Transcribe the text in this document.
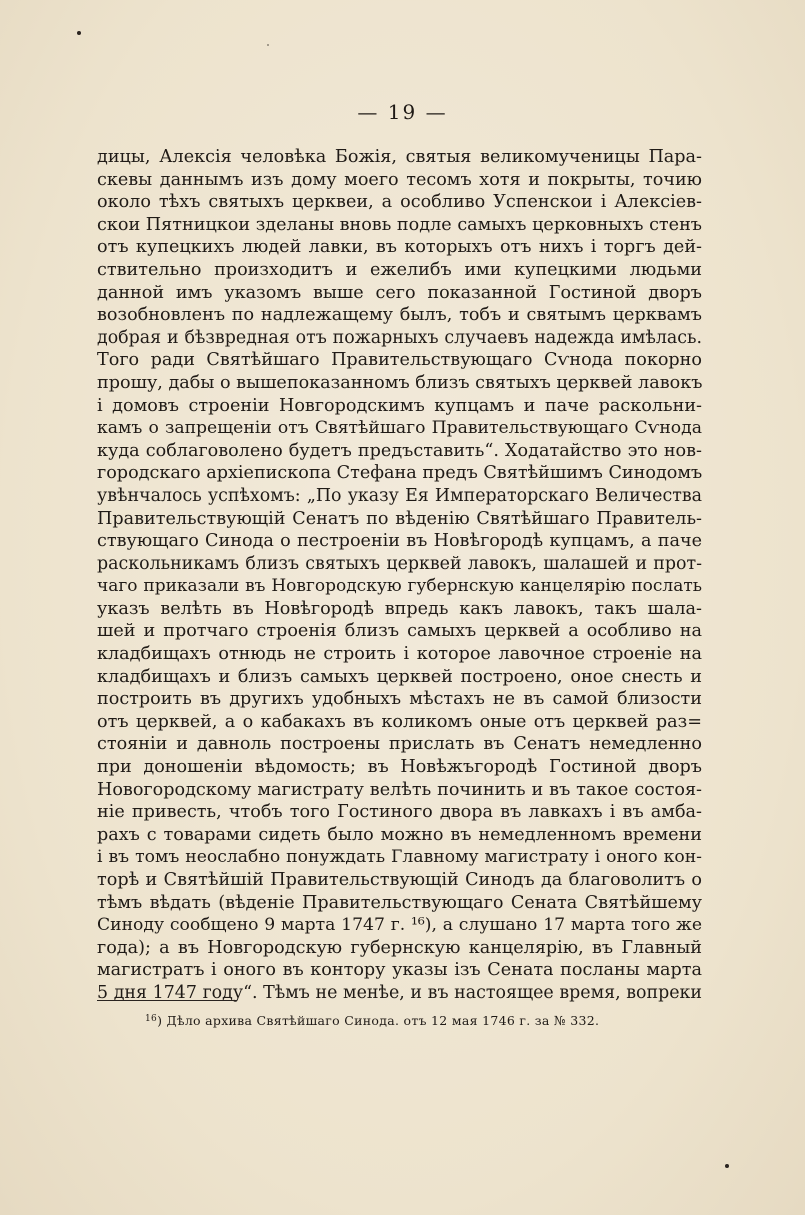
— 19 —
дицы, Алексія человѣка Божія, святыя великомученицы Пара-
скевы даннымъ изъ дому моего тесомъ хотя и покрыты, точию
около тѣхъ святыхъ церквеи, а особливо Успенскои і Алексіев-
скои Пятницкои зделаны вновь подле самыхъ церковныхъ стенъ
отъ купецкихъ людей лавки, въ которыхъ отъ нихъ і торгъ дей-
ствительно произходитъ и ежелибъ ими купецкими людьми
данной имъ указомъ выше сего показанной Гостиной дворъ
возобновленъ по надлежащему былъ, тобъ и святымъ церквамъ
добрая и бѣзвредная отъ пожарныхъ случаевъ надежда имѣлась.
Того ради Святѣйшаго Правительствующаго Сѵнода покорно
прошу, дабы о вышепоказанномъ близъ святыхъ церквей лавокъ
і домовъ строеніи Новгородскимъ купцамъ и паче раскольни-
камъ о запрещеніи отъ Святѣйшаго Правительствующаго Сѵнода
куда соблаговолено будетъ предъставить“. Ходатайство это нов-
городскаго архіепископа Стефана предъ Святѣйшимъ Синодомъ
увѣнчалось успѣхомъ: „По указу Ея Императорскаго Величества
Правительствующій Сенатъ по вѣденію Святѣйшаго Правитель-
ствующаго Синода о пестроеніи въ Новѣгородѣ купцамъ, а паче
раскольникамъ близъ святыхъ церквей лавокъ, шалашей и прот-
чаго приказали въ Новгородскую губернскую канцелярію послать
указъ велѣть въ Новѣгородѣ впредь какъ лавокъ, такъ шала-
шей и протчаго строенія близъ самыхъ церквей а особливо на
кладбищахъ отнюдь не строить і которое лавочное строеніе на
кладбищахъ и близъ самыхъ церквей построено, оное снесть и
построить въ другихъ удобныхъ мѣстахъ не въ самой близости
отъ церквей, а о кабакахъ въ коликомъ оные отъ церквей раз=
стояніи и давноль построены прислать въ Сенатъ немедленно
при доношеніи вѣдомость; въ Новѣжъгородѣ Гостиной дворъ
Новогородскому магистрату велѣть починить и въ такое состоя-
ніе привесть, чтобъ того Гостиного двора въ лавкахъ і въ амба-
рахъ с товарами сидеть было можно въ немедленномъ времени
і въ томъ неослабно понуждать Главному магистрату і оного кон-
торѣ и Святѣйшій Правительствующій Синодъ да благоволитъ о
тѣмъ вѣдать (вѣденіе Правительствующаго Сената Святѣйшему
Синоду сообщено 9 марта 1747 г. ¹⁶), а слушано 17 марта того же
года); а въ Новгородскую губернскую канцелярію, въ Главный
магистратъ і оного въ контору указы ізъ Сената посланы марта
5 дня 1747 году“. Тѣмъ не менѣе, и въ настоящее время, вопреки
$^{16}$) Дѣло архива Святѣйшаго Синода. отъ 12 мая 1746 г. за № 332.
